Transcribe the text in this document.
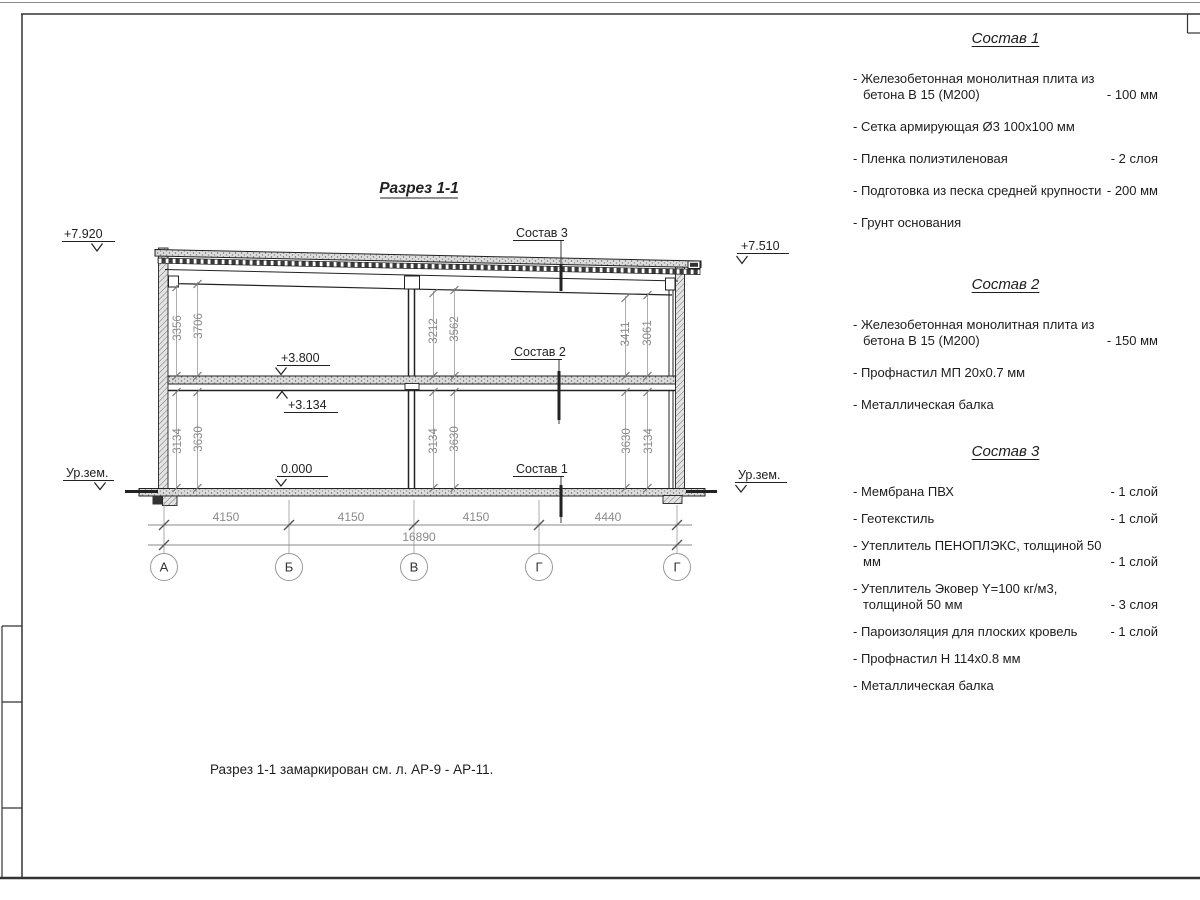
Разрез 1-1
3356 3706	3212 3562	3411 3061
3134 3630	3134 3630	3630 3134
+7.920
+7.510
+3.800
+3.134
0.000
Ур.зем.	Ур.зем.
Состав 3
Состав 2
Состав 1
4150	4150	4150	4440
16890
А	Б	В	Г	Г
Состав 1
- Железобетонная монолитная плита из бетона В 15 (М200)	- 100 мм
- Сетка армирующая Ø3 100х100 мм
- Пленка полиэтиленовая	- 2 слоя
- Подготовка из песка средней крупности - 200 мм
- Грунт основания
Состав 2
- Железобетонная монолитная плита из бетона В 15 (М200)	- 150 мм
- Профнастил МП 20х0.7 мм
- Металлическая балка
Состав 3
- Мембрана ПВХ	- 1 слой
- Геотекстиль	- 1 слой
- Утеплитель ПЕНОПЛЭКС, толщиной 50 мм	- 1 слой
- Утеплитель Эковер Y=100 кг/м3, толщиной 50 мм	- 3 слоя
- Пароизоляция для плоских кровель	- 1 слой
- Профнастил Н 114х0.8 мм
- Металлическая балка
Разрез 1-1 замаркирован см. л. АР-9 - АР-11.
